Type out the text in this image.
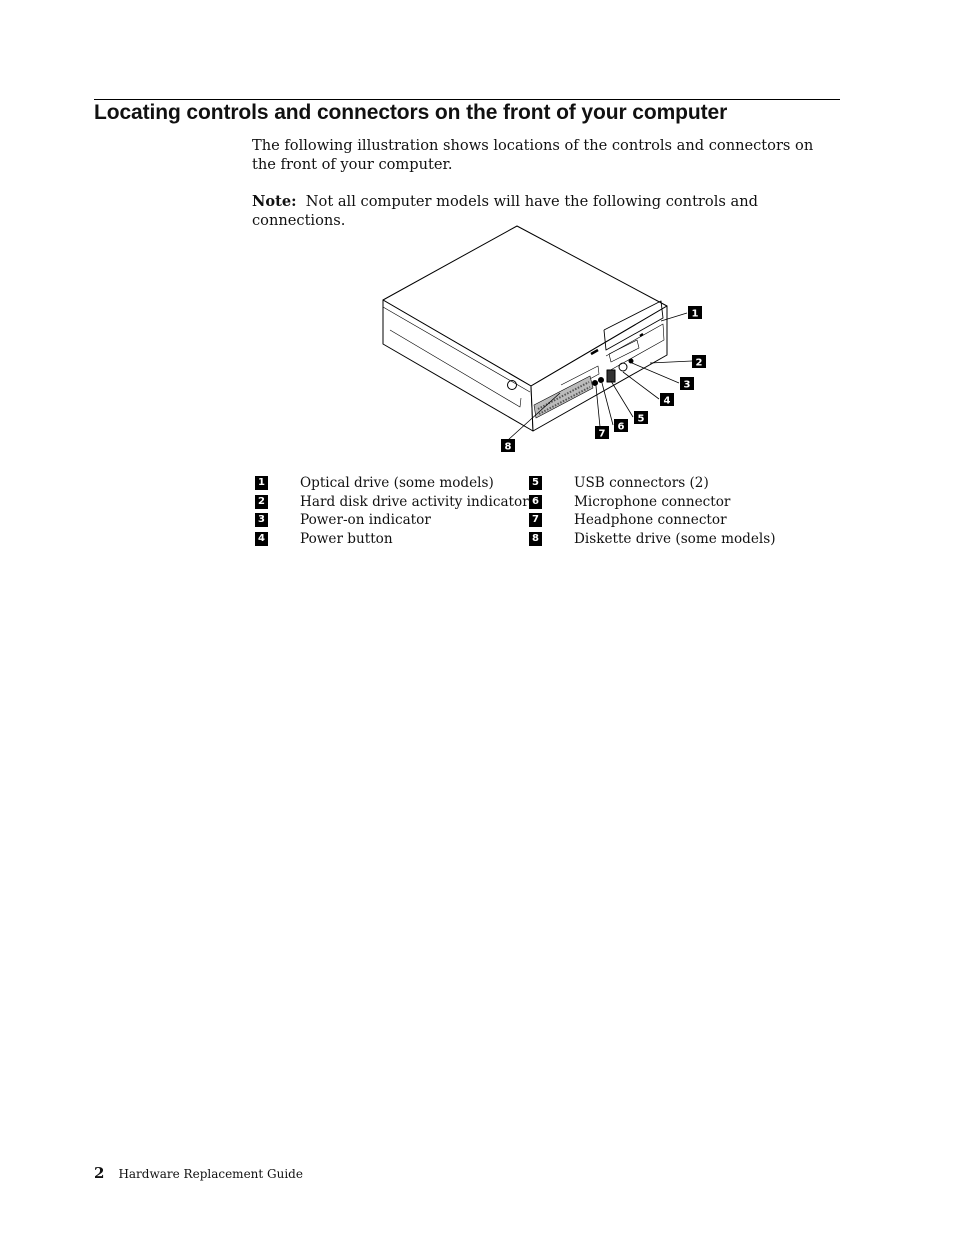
Locating controls and connectors on the front of your computer

The following illustration shows locations of the controls and connectors on the front of your computer.

Note: Not all computer models will have the following controls and connections.

1
2
3
4
5
6
7
8
1	Optical drive (some models)
2	Hard disk drive activity indicator
3	Power-on indicator
4	Power button
5	USB connectors (2)
6	Microphone connector
7	Headphone connector
8	Diskette drive (some models)
2 Hardware Replacement Guide
